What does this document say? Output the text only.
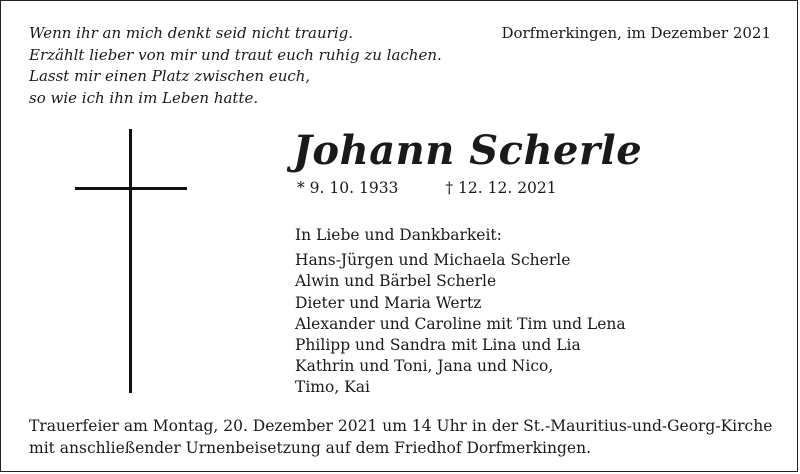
Wenn ihr an mich denkt seid nicht traurig.
Erzählt lieber von mir und traut euch ruhig zu lachen.
Lasst mir einen Platz zwischen euch,
so wie ich ihn im Leben hatte.
Dorfmerkingen, im Dezember 2021
Johann Scherle
* 9. 10. 1933	† 12. 12. 2021
In Liebe und Dankbarkeit:
Hans-Jürgen und Michaela Scherle
Alwin und Bärbel Scherle
Dieter und Maria Wertz
Alexander und Caroline mit Tim und Lena
Philipp und Sandra mit Lina und Lia
Kathrin und Toni, Jana und Nico,
Timo, Kai
Trauerfeier am Montag, 20. Dezember 2021 um 14 Uhr in der St.-Mauritius-und-Georg-Kirche
mit anschließender Urnenbeisetzung auf dem Friedhof Dorfmerkingen.
